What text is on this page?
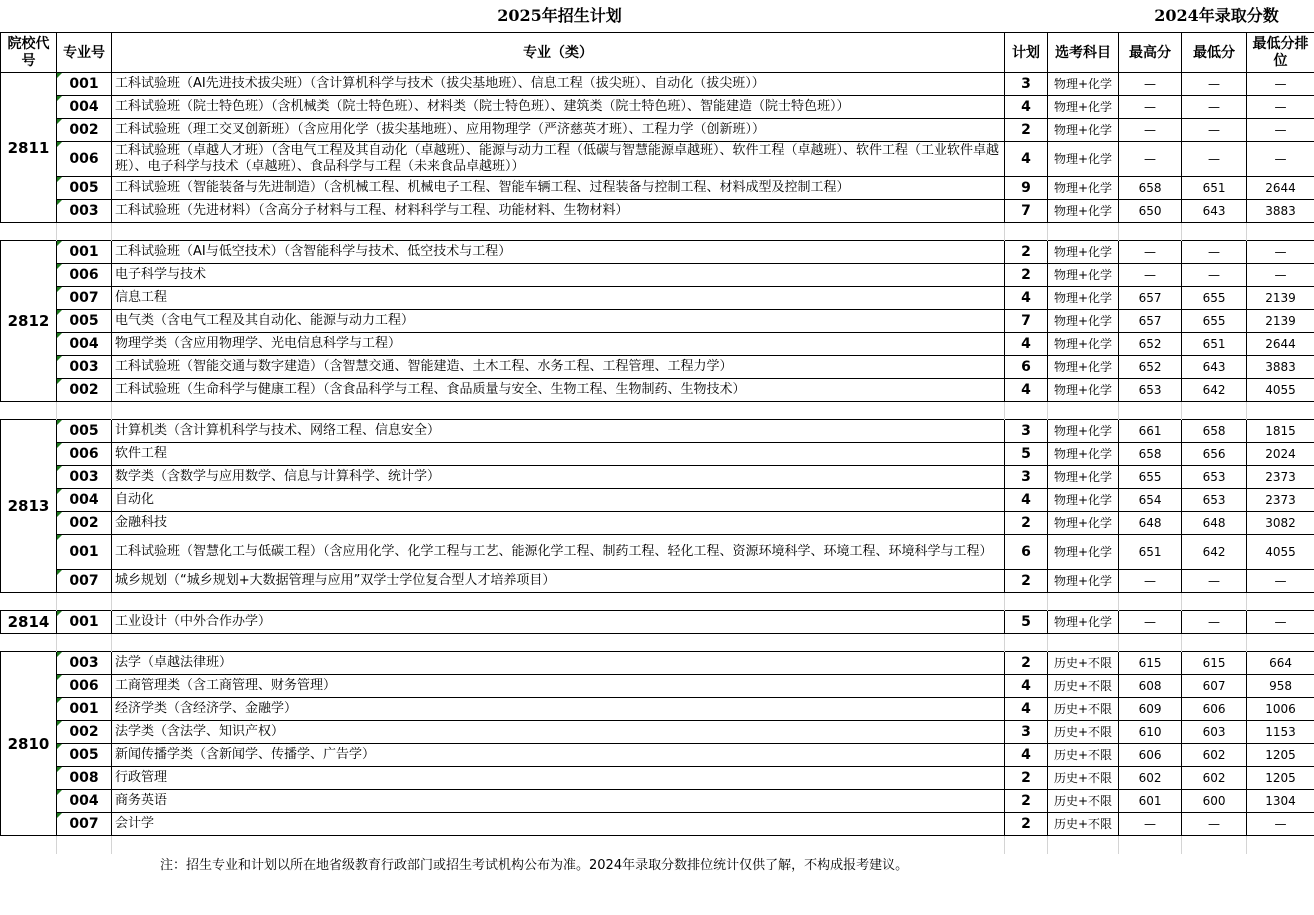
2025年招生计划					2024年录取分数		
院校代号	专业号	专业（类）	计划	选考科目	最高分	最低分	最低分排位
2811	001	工科试验班（AI先进技术拔尖班）（含计算机科学与技术（拔尖基地班）、信息工程（拔尖班）、自动化（拔尖班））	3	物理+化学	—	—	—
	004	工科试验班（院士特色班）（含机械类（院士特色班）、材料类（院士特色班）、建筑类（院士特色班）、智能建造（院士特色班））	4	物理+化学	—	—	—
	002	工科试验班（理工交叉创新班）（含应用化学（拔尖基地班）、应用物理学（严济慈英才班）、工程力学（创新班））	2	物理+化学	—	—	—
	006	工科试验班（卓越人才班）（含电气工程及其自动化（卓越班）、能源与动力工程（低碳与智慧能源卓越班）、软件工程（卓越班）、软件工程（工业软件卓越班）、电子科学与技术（卓越班）、食品科学与工程（未来食品卓越班））	4	物理+化学	—	—	—
	005	工科试验班（智能装备与先进制造）（含机械工程、机械电子工程、智能车辆工程、过程装备与控制工程、材料成型及控制工程）	9	物理+化学	658	651	2644
	003	工科试验班（先进材料）（含高分子材料与工程、材料科学与工程、功能材料、生物材料）	7	物理+化学	650	643	3883

2812	001	工科试验班（AI与低空技术）（含智能科学与技术、低空技术与工程）	2	物理+化学	—	—	—
	006	电子科学与技术	2	物理+化学	—	—	—
	007	信息工程	4	物理+化学	657	655	2139
	005	电气类（含电气工程及其自动化、能源与动力工程）	7	物理+化学	657	655	2139
	004	物理学类（含应用物理学、光电信息科学与工程）	4	物理+化学	652	651	2644
	003	工科试验班（智能交通与数字建造）（含智慧交通、智能建造、土木工程、水务工程、工程管理、工程力学）	6	物理+化学	652	643	3883
	002	工科试验班（生命科学与健康工程）（含食品科学与工程、食品质量与安全、生物工程、生物制药、生物技术）	4	物理+化学	653	642	4055

2813	005	计算机类（含计算机科学与技术、网络工程、信息安全）	3	物理+化学	661	658	1815
	006	软件工程	5	物理+化学	658	656	2024
	003	数学类（含数学与应用数学、信息与计算科学、统计学）	3	物理+化学	655	653	2373
	004	自动化	4	物理+化学	654	653	2373
	002	金融科技	2	物理+化学	648	648	3082
	001	工科试验班（智慧化工与低碳工程）（含应用化学、化学工程与工艺、能源化学工程、制药工程、轻化工程、资源环境科学、环境工程、环境科学与工程）	6	物理+化学	651	642	4055
	007	城乡规划（“城乡规划+大数据管理与应用”双学士学位复合型人才培养项目）	2	物理+化学	—	—	—

2814	001	工业设计（中外合作办学）	5	物理+化学	—	—	—

2810	003	法学（卓越法律班）	2	历史+不限	615	615	664
	006	工商管理类（含工商管理、财务管理）	4	历史+不限	608	607	958
	001	经济学类（含经济学、金融学）	4	历史+不限	609	606	1006
	002	法学类（含法学、知识产权）	3	历史+不限	610	603	1153
	005	新闻传播学类（含新闻学、传播学、广告学）	4	历史+不限	606	602	1205
	008	行政管理	2	历史+不限	602	602	1205
	004	商务英语	2	历史+不限	601	600	1304
	007	会计学	2	历史+不限	—	—	—

注：招生专业和计划以所在地省级教育行政部门或招生考试机构公布为准。2024年录取分数排位统计仅供了解，不构成报考建议。
